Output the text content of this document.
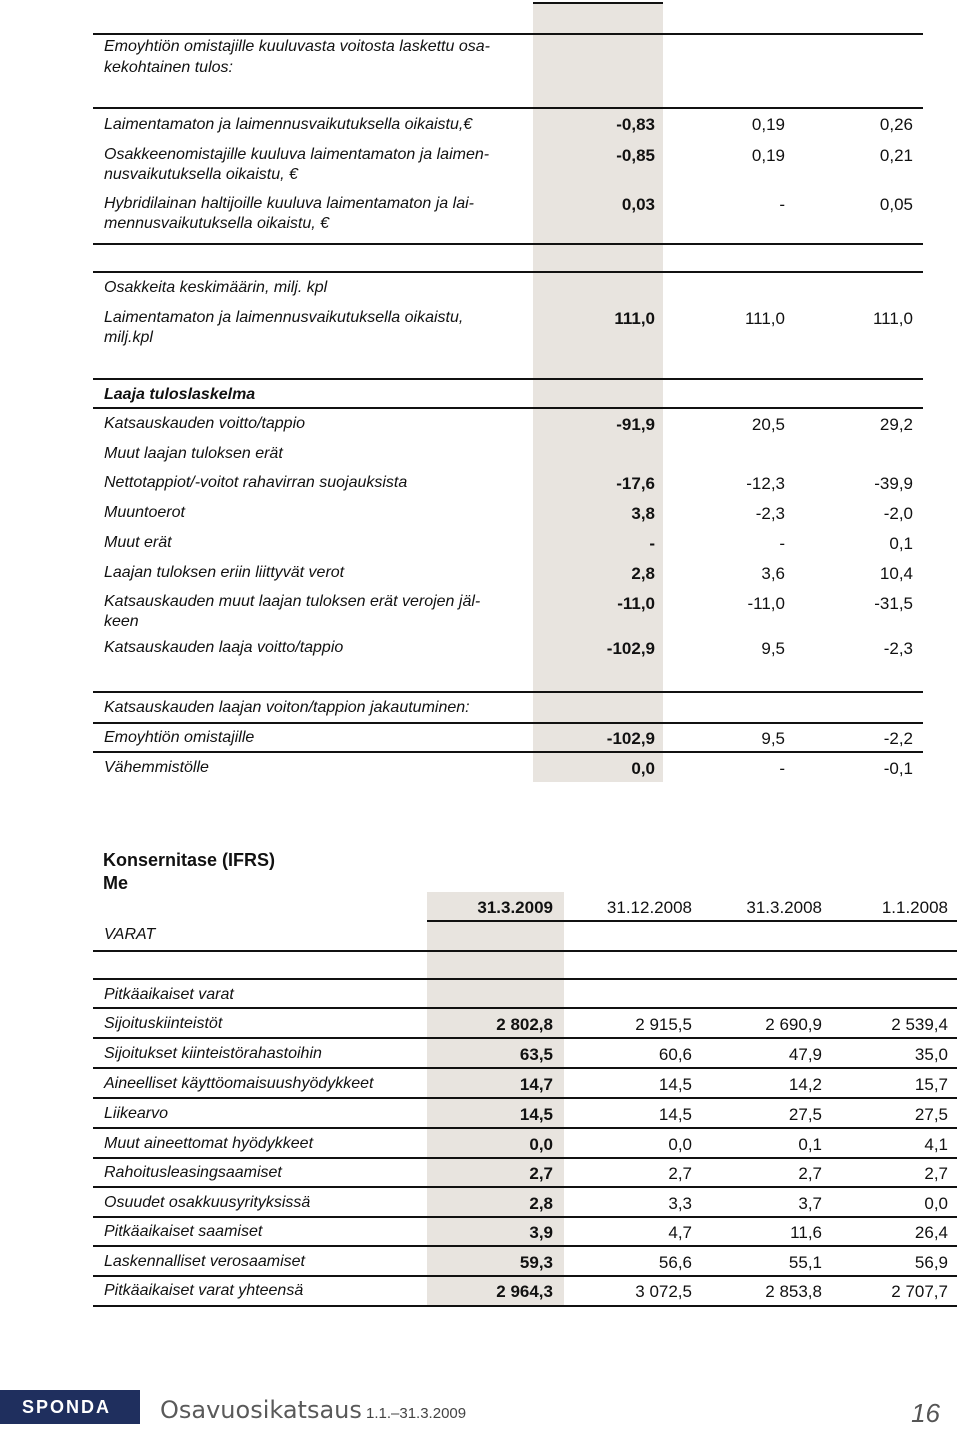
Emoyhtiön omistajille kuuluvasta voitosta laskettu osa-
kekohtainen tulos:
Laimentamaton ja laimennusvaikutuksella oikaistu,€	-0,83	0,19	0,26
Osakkeenomistajille kuuluva laimentamaton ja laimen-
nusvaikutuksella oikaistu, €
-0,85	0,19	0,21
Hybridilainan haltijoille kuuluva laimentamaton ja lai-
mennusvaikutuksella oikaistu, €
0,03	-	0,05
Osakkeita keskimäärin, milj. kpl
Laimentamaton ja laimennusvaikutuksella oikaistu,
milj.kpl
111,0	111,0	111,0
Laaja tuloslaskelma
Katsauskauden voitto/tappio	-91,9	20,5	29,2
Muut laajan tuloksen erät
Nettotappiot/-voitot rahavirran suojauksista	-17,6	-12,3	-39,9
Muuntoerot	3,8	-2,3	-2,0
Muut erät	-	-	0,1
Laajan tuloksen eriin liittyvät verot	2,8	3,6	10,4
Katsauskauden muut laajan tuloksen erät verojen jäl-
keen
-11,0	-11,0	-31,5
Katsauskauden laaja voitto/tappio	-102,9	9,5	-2,3
Katsauskauden laajan voiton/tappion jakautuminen:
Emoyhtiön omistajille	-102,9	9,5	-2,2
Vähemmistölle	0,0	-	-0,1
Konsernitase (IFRS)
Me
31.3.2009	31.12.2008	31.3.2008	1.1.2008
VARAT
Pitkäaikaiset varat
Sijoituskiinteistöt	2 802,8	2 915,5	2 690,9	2 539,4
Sijoitukset kiinteistörahastoihin	63,5	60,6	47,9	35,0
Aineelliset käyttöomaisuushyödykkeet	14,7	14,5	14,2	15,7
Liikearvo	14,5	14,5	27,5	27,5
Muut aineettomat hyödykkeet	0,0	0,0	0,1	4,1
Rahoitusleasingsaamiset	2,7	2,7	2,7	2,7
Osuudet osakkuusyrityksissä	2,8	3,3	3,7	0,0
Pitkäaikaiset saamiset	3,9	4,7	11,6	26,4
Laskennalliset verosaamiset	59,3	56,6	55,1	56,9
Pitkäaikaiset varat yhteensä	2 964,3	3 072,5	2 853,8	2 707,7
SPONDA Osavuosikatsaus 1.1.–31.3.2009	16
